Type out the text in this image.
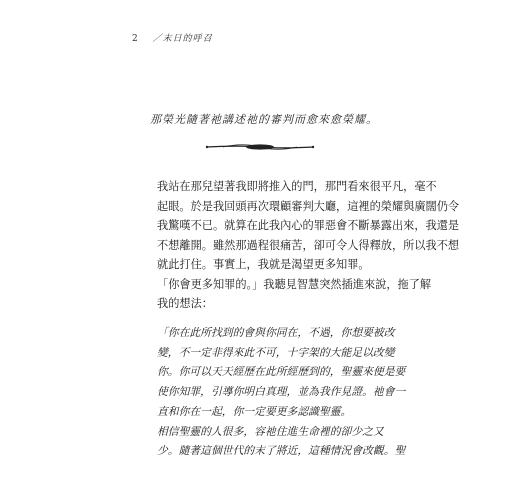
2 ／末日的呼召
那榮光隨著祂講述祂的審判而愈來愈榮耀。

我站在那兒望著我即將推入的門，那門看來很平凡，毫不
起眼。於是我回頭再次環顧審判大廳，這裡的榮耀與廣闊仍令
我驚嘆不已。就算在此我內心的罪惡會不斷暴露出來，我還是
不想離開。雖然那過程很痛苦，卻可令人得釋放，所以我不想
就此打住。事實上，我就是渴望更多知罪。

「你會更多知罪的。」我聽見智慧突然插進來說，拖了解
我的想法：

「你在此所找到的會與你同在，不過，你想要被改
變，不一定非得來此不可，十字架的大能足以改變
你。你可以天天經歷在此所經歷到的，聖靈來便是要
使你知罪，引導你明白真理，並為我作見證。祂會一
直和你在一起，你一定要更多認識聖靈。
相信聖靈的人很多，容祂住進生命裡的卻少之又
少。隨著這個世代的末了將近，這種情況會改觀。聖
